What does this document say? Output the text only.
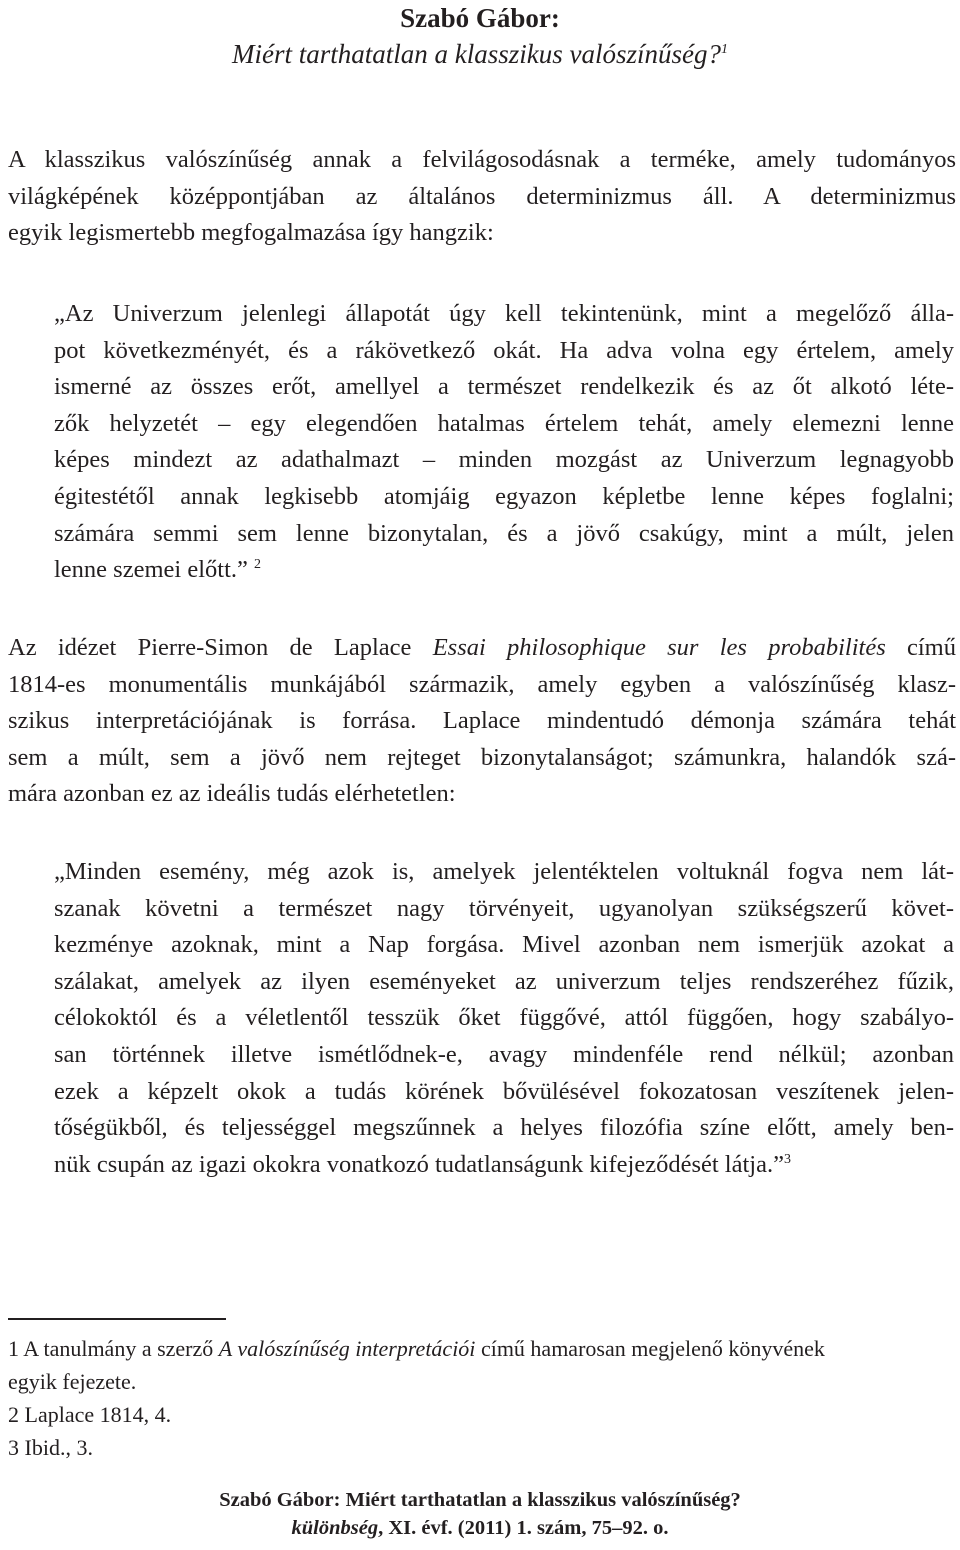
Szabó Gábor:
Miért tarthatatlan a klasszikus valószínűség?$^1$
A klasszikus valószínűség annak a felvilágosodásnak a terméke, amely tudományos
világképének középpontjában az általános determinizmus áll. A determinizmus
egyik legismertebb megfogalmazása így hangzik:
„Az Univerzum jelenlegi állapotát úgy kell tekintenünk, mint a megelőző álla-
pot következményét, és a rákövetkező okát. Ha adva volna egy értelem, amely
ismerné az összes erőt, amellyel a természet rendelkezik és az őt alkotó léte-
zők helyzetét – egy elegendően hatalmas értelem tehát, amely elemezni lenne
képes mindezt az adathalmazt – minden mozgást az Univerzum legnagyobb
égitestétől annak legkisebb atomjáig egyazon képletbe lenne képes foglalni;
számára semmi sem lenne bizonytalan, és a jövő csakúgy, mint a múlt, jelen
lenne szemei előtt.” $^2$
Az idézet Pierre-Simon de Laplace Essai philosophique sur les probabilités című
1814-es monumentális munkájából származik, amely egyben a valószínűség klasz-
szikus interpretációjának is forrása. Laplace mindentudó démonja számára tehát
sem a múlt, sem a jövő nem rejteget bizonytalanságot; számunkra, halandók szá-
mára azonban ez az ideális tudás elérhetetlen:
„Minden esemény, még azok is, amelyek jelentéktelen voltuknál fogva nem lát-
szanak követni a természet nagy törvényeit, ugyanolyan szükségszerű követ-
kezménye azoknak, mint a Nap forgása. Mivel azonban nem ismerjük azokat a
szálakat, amelyek az ilyen eseményeket az univerzum teljes rendszeréhez fűzik,
célokoktól és a véletlentől tesszük őket függővé, attól függően, hogy szabályo-
san történnek illetve ismétlődnek-e, avagy mindenféle rend nélkül; azonban
ezek a képzelt okok a tudás körének bővülésével fokozatosan veszítenek jelen-
tőségükből, és teljességgel megszűnnek a helyes filozófia színe előtt, amely ben-
nük csupán az igazi okokra vonatkozó tudatlanságunk kifejeződését látja.”$^3$
1 A tanulmány a szerző A valószínűség interpretációi című hamarosan megjelenő könyvének
egyik fejezete.
2 Laplace 1814, 4.
3 Ibid., 3.
Szabó Gábor: Miért tarthatatlan a klasszikus valószínűség?
különbség, XI. évf. (2011) 1. szám, 75–92. o.
